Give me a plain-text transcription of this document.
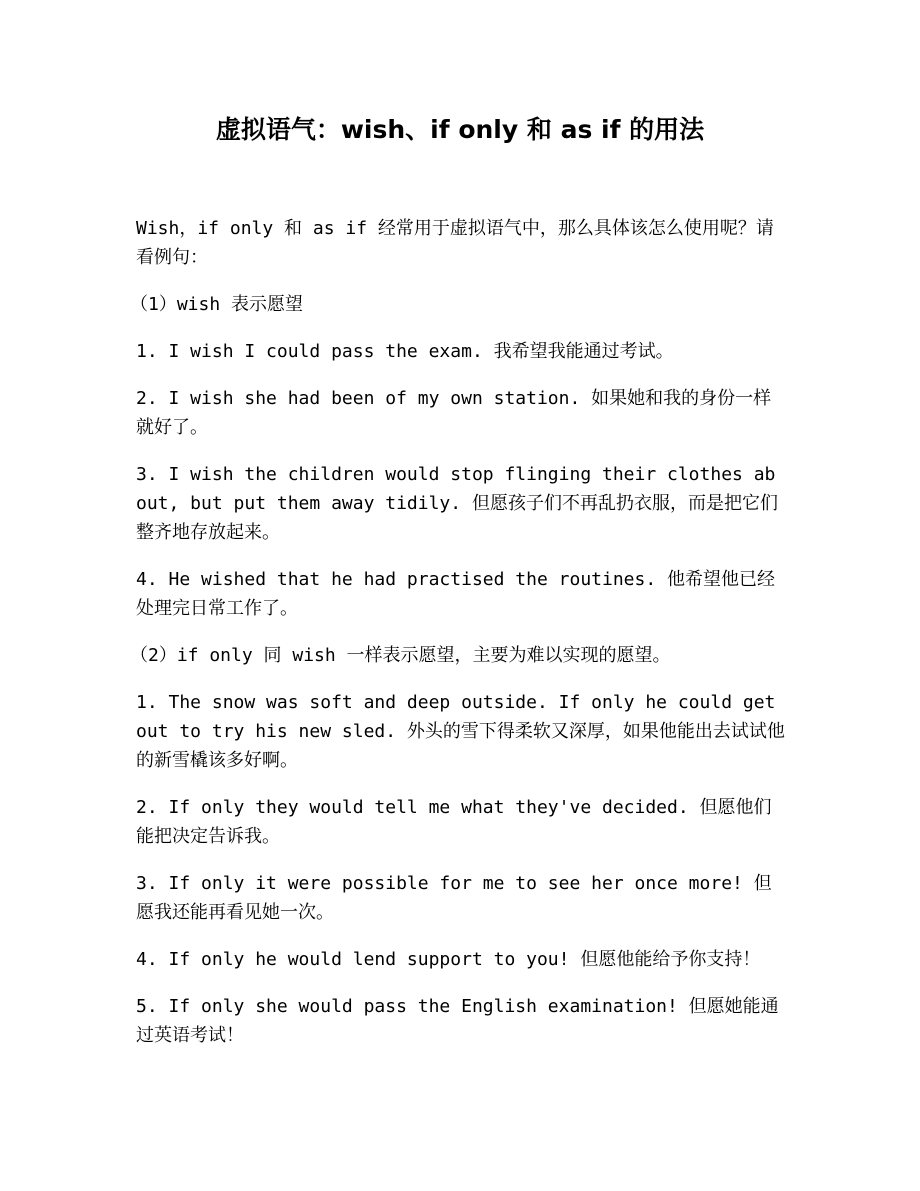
虚拟语气：wish、if only 和 as if 的用法

Wish，if only 和 as if 经常用于虚拟语气中，那么具体该怎么使用呢？请看例句：

（1）wish 表示愿望

1. I wish I could pass the exam. 我希望我能通过考试。

2. I wish she had been of my own station. 如果她和我的身份一样就好了。

3. I wish the children would stop flinging their clothes about, but put them away tidily. 但愿孩子们不再乱扔衣服，而是把它们整齐地存放起来。

4. He wished that he had practised the routines. 他希望他已经处理完日常工作了。

（2）if only 同 wish 一样表示愿望，主要为难以实现的愿望。

1. The snow was soft and deep outside. If only he could get out to try his new sled. 外头的雪下得柔软又深厚，如果他能出去试试他的新雪橇该多好啊。

2. If only they would tell me what they've decided. 但愿他们能把决定告诉我。

3. If only it were possible for me to see her once more! 但愿我还能再看见她一次。

4. If only he would lend support to you! 但愿他能给予你支持！

5. If only she would pass the English examination! 但愿她能通过英语考试！
